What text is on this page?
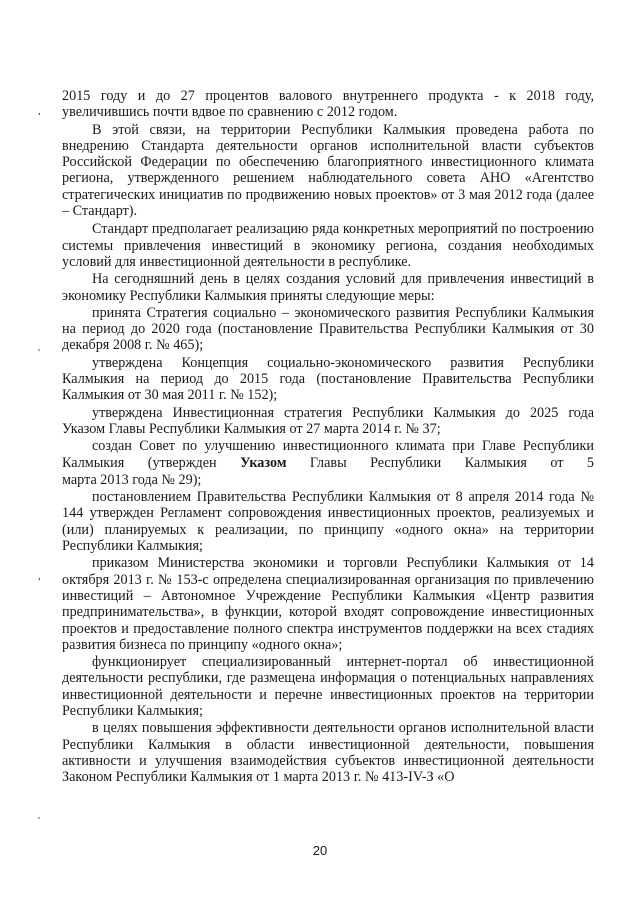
2015 году и до 27 процентов валового внутреннего продукта - к 2018 году, увеличившись почти вдвое по сравнению с 2012 годом.

В этой связи, на территории Республики Калмыкия проведена работа по внедрению Стандарта деятельности органов исполнительной власти субъектов Российской Федерации по обеспечению благоприятного инвестиционного климата региона, утвержденного решением наблюдательного совета АНО «Агентство стратегических инициатив по продвижению новых проектов» от 3 мая 2012 года (далее – Стандарт).

Стандарт предполагает реализацию ряда конкретных мероприятий по построению системы привлечения инвестиций в экономику региона, создания необходимых условий для инвестиционной деятельности в республике.

На сегодняшний день в целях создания условий для привлечения инвестиций в экономику Республики Калмыкия приняты следующие меры:

принята Стратегия социально – экономического развития Республики Калмыкия на период до 2020 года (постановление Правительства Республики Калмыкия от 30 декабря 2008 г. № 465);

утверждена Концепция социально-экономического развития Республики Калмыкия на период до 2015 года (постановление Правительства Республики Калмыкия от 30 мая 2011 г. № 152);

утверждена Инвестиционная стратегия Республики Калмыкия до 2025 года Указом Главы Республики Калмыкия от 27 марта 2014 г. № 37;

создан Совет по улучшению инвестиционного климата при Главе Республики Калмыкия (утвержден Указом Главы Республики Калмыкия от 5

марта 2013 года № 29);

постановлением Правительства Республики Калмыкия от 8 апреля 2014 года № 144 утвержден Регламент сопровождения инвестиционных проектов, реализуемых и (или) планируемых к реализации, по принципу «одного окна» на территории Республики Калмыкия;

приказом Министерства экономики и торговли Республики Калмыкия от 14 октября 2013 г. № 153-с определена специализированная организация по привлечению инвестиций – Автономное Учреждение Республики Калмыкия «Центр развития предпринимательства», в функции, которой входят сопровождение инвестиционных проектов и предоставление полного спектра инструментов поддержки на всех стадиях развития бизнеса по принципу «одного окна»;

функционирует специализированный интернет-портал об инвестиционной деятельности республики, где размещена информация о потенциальных направлениях инвестиционной деятельности и перечне инвестиционных проектов на территории Республики Калмыкия;

в целях повышения эффективности деятельности органов исполнительной власти Республики Калмыкия в области инвестиционной деятельности, повышения активности и улучшения взаимодействия субъектов инвестиционной деятельности Законом Республики Калмыкия от 1 марта 2013 г. № 413-IV-З «О

,
'
,
'
20
